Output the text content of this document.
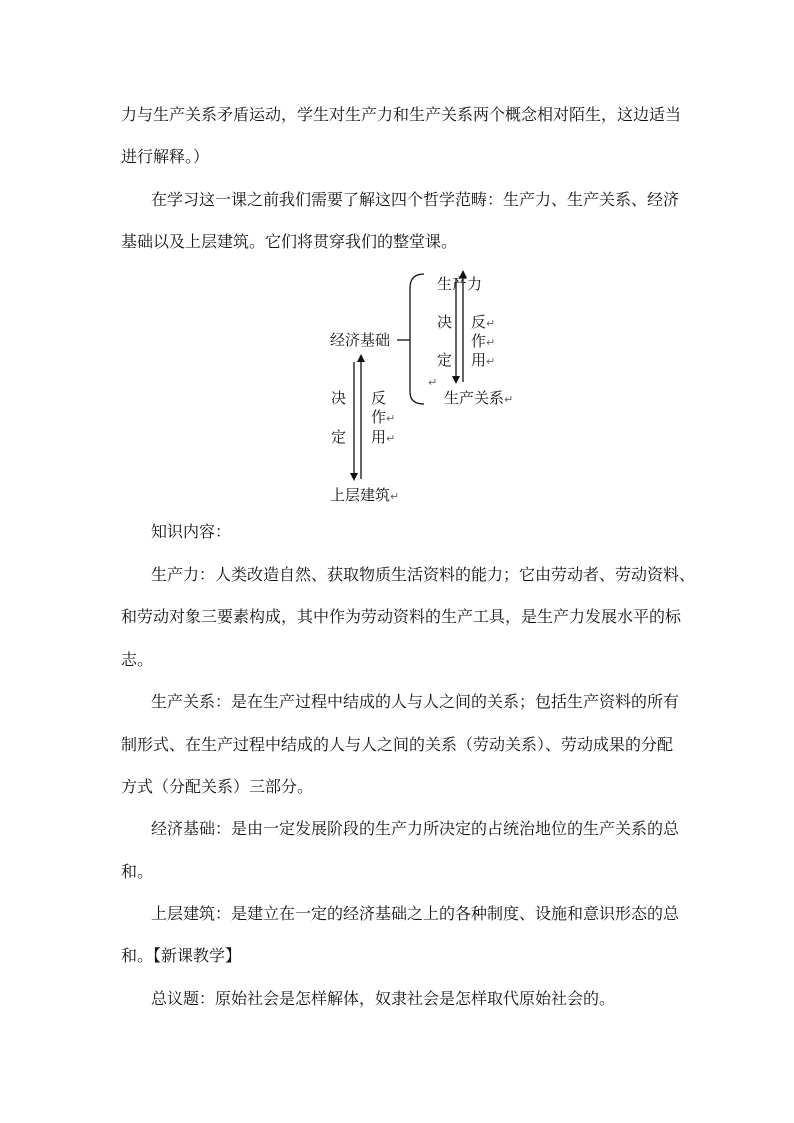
力与生产关系矛盾运动，学生对生产力和生产关系两个概念相对陌生，这边适当
进行解释。）
在学习这一课之前我们需要了解这四个哲学范畴：生产力、生产关系、经济
基础以及上层建筑。它们将贯穿我们的整堂课。
生产力
决
定
反↵
作↵
用↵
↵
生产关系↵
经济基础
决
定
反
作↵
用↵
上层建筑↵
知识内容：
生产力：人类改造自然、获取物质生活资料的能力；它由劳动者、劳动资料、
和劳动对象三要素构成，其中作为劳动资料的生产工具，是生产力发展水平的标
志。
生产关系：是在生产过程中结成的人与人之间的关系；包括生产资料的所有
制形式、在生产过程中结成的人与人之间的关系（劳动关系）、劳动成果的分配
方式（分配关系）三部分。
经济基础：是由一定发展阶段的生产力所决定的占统治地位的生产关系的总
和。
上层建筑：是建立在一定的经济基础之上的各种制度、设施和意识形态的总
和。【新课教学】
总议题：原始社会是怎样解体，奴隶社会是怎样取代原始社会的。
